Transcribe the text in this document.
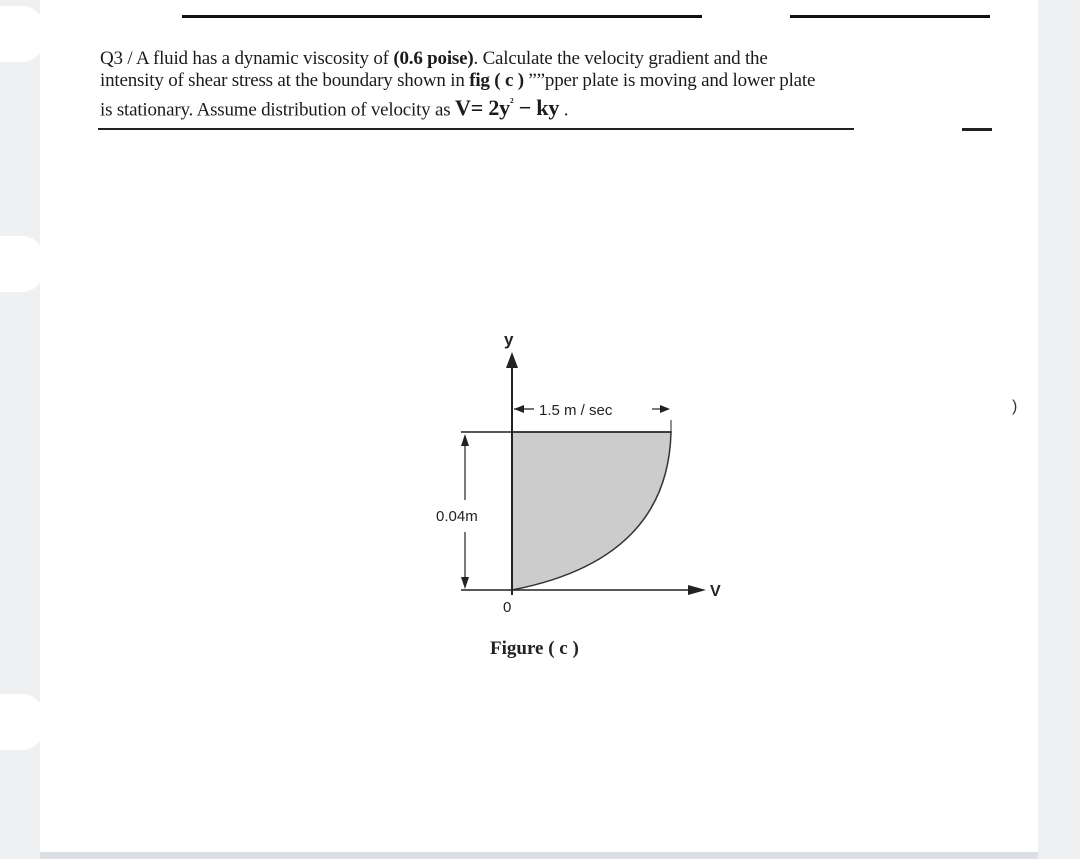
Q3 / A fluid has a dynamic viscosity of (0.6 poise). Calculate the velocity gradient and the
intensity of shear stress at the boundary shown in fig ( c ) ””pper plate is moving and lower plate
is stationary. Assume distribution of velocity as $V= 2y^{^2}$ − ky .
)
y
1.5 m / sec
0.04m
0
V
Figure ( c )
